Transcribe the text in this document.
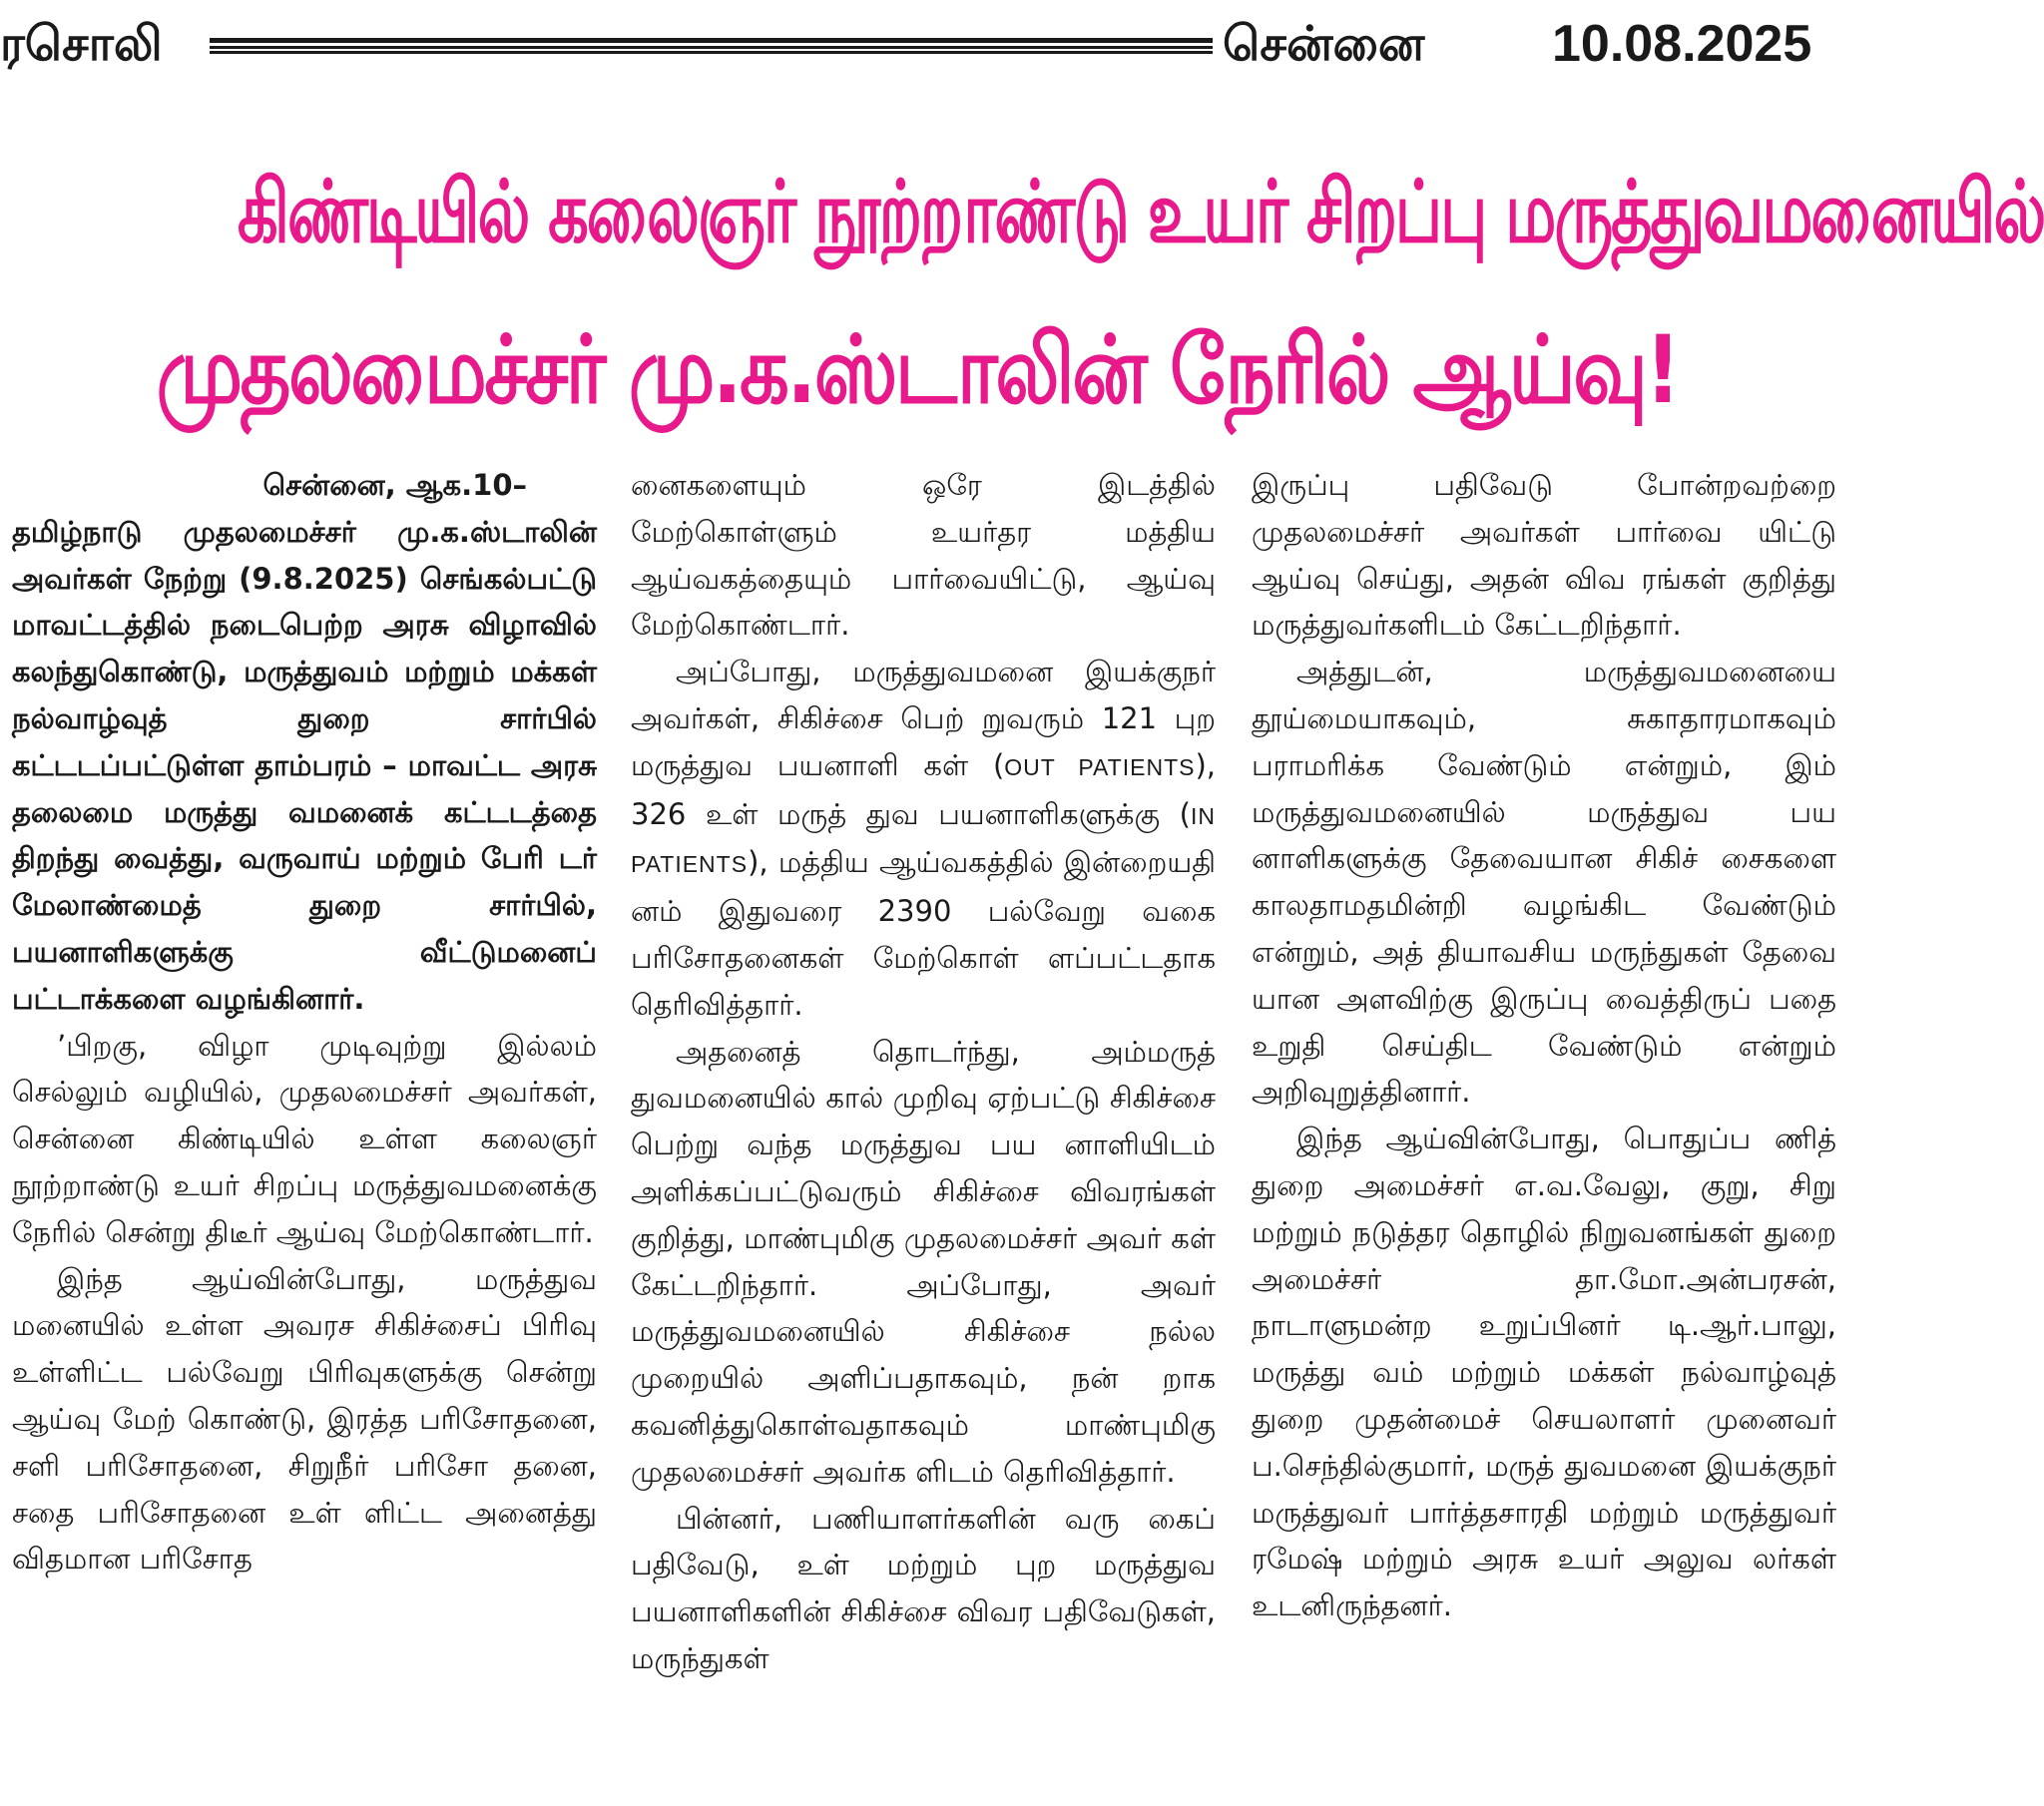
ரசொலி	சென்னை 10.08.2025
கிண்டியில் கலைஞர் நூற்றாண்டு உயர் சிறப்பு மருத்துவமனையில்
முதலமைச்சர் மு.க.ஸ்டாலின் நேரில் ஆய்வு!

சென்னை, ஆக.10–
தமிழ்நாடு முதலமைச்சர் மு.க.ஸ்டாலின் அவர்கள் நேற்று (9.8.2025) செங்கல்பட்டு மாவட்டத்தில் நடைபெற்ற அரசு விழாவில் கலந்துகொண்டு, மருத்துவம் மற்றும் மக்கள் நல்வாழ்வுத் துறை சார்பில் கட்டடப்பட்டுள்ள தாம்பரம் – மாவட்ட அரசு தலைமை மருத்து வமனைக் கட்டடத்தை திறந்து வைத்து, வருவாய் மற்றும் பேரி டர் மேலாண்மைத் துறை சார்பில், பயனாளிகளுக்கு வீட்டுமனைப் பட்டாக்களை வழங்கினார்.

’பிறகு, விழா முடிவுற்று இல்லம் செல்லும் வழியில், முதலமைச்சர் அவர்கள், சென்னை கிண்டியில் உள்ள கலைஞர் நூற்றாண்டு உயர் சிறப்பு மருத்துவமனைக்கு நேரில் சென்று திடீர் ஆய்வு மேற்கொண்டார்.

இந்த ஆய்வின்போது, மருத்துவ மனையில் உள்ள அவரச சிகிச்சைப் பிரிவு உள்ளிட்ட பல்வேறு பிரிவுகளுக்கு சென்று ஆய்வு மேற் கொண்டு, இரத்த பரிசோதனை, சளி பரிசோதனை, சிறுநீர் பரிசோ தனை, சதை பரிசோதனை உள் ளிட்ட அனைத்து விதமான பரிசோத

னைகளையும் ஒரே இடத்தில் மேற்கொள்ளும் உயர்தர மத்திய ஆய்வகத்தையும் பார்வையிட்டு, ஆய்வு மேற்கொண்டார்.

அப்போது, மருத்துவமனை இயக்குநர் அவர்கள், சிகிச்சை பெற் றுவரும் 121 புற மருத்துவ பயனாளி கள் (OUT PATIENTS), 326 உள் மருத் துவ பயனாளிகளுக்கு (IN PATIENTS), மத்திய ஆய்வகத்தில் இன்றையதி னம் இதுவரை 2390 பல்வேறு வகை பரிசோதனைகள் மேற்கொள் ளப்பட்டதாக தெரிவித்தார்.

அதனைத் தொடர்ந்து, அம்மருத் துவமனையில் கால் முறிவு ஏற்பட்டு சிகிச்சை பெற்று வந்த மருத்துவ பய னாளியிடம் அளிக்கப்பட்டுவரும் சிகிச்சை விவரங்கள் குறித்து, மாண்புமிகு முதலமைச்சர் அவர் கள் கேட்டறிந்தார். அப்போது, அவர் மருத்துவமனையில் சிகிச்சை நல்ல முறையில் அளிப்பதாகவும், நன் றாக கவனித்துகொள்வதாகவும் மாண்புமிகு முதலமைச்சர் அவர்க ளிடம் தெரிவித்தார்.

பின்னர், பணியாளர்களின் வரு கைப் பதிவேடு, உள் மற்றும் புற மருத்துவ பயனாளிகளின் சிகிச்சை விவர பதிவேடுகள், மருந்துகள்

இருப்பு பதிவேடு போன்றவற்றை முதலமைச்சர் அவர்கள் பார்வை யிட்டு ஆய்வு செய்து, அதன் விவ ரங்கள் குறித்து மருத்துவர்களிடம் கேட்டறிந்தார்.

அத்துடன், மருத்துவமனையை தூய்மையாகவும், சுகாதாரமாகவும் பராமரிக்க வேண்டும் என்றும், இம் மருத்துவமனையில் மருத்துவ பய னாளிகளுக்கு தேவையான சிகிச் சைகளை காலதாமதமின்றி வழங்கிட வேண்டும் என்றும், அத் தியாவசிய மருந்துகள் தேவை யான அளவிற்கு இருப்பு வைத்திருப் பதை உறுதி செய்திட வேண்டும் என்றும் அறிவுறுத்தினார்.

இந்த ஆய்வின்போது, பொதுப்ப ணித் துறை அமைச்சர் எ.வ.வேலு, குறு, சிறு மற்றும் நடுத்தர தொழில் நிறுவனங்கள் துறை அமைச்சர் தா.மோ.அன்பரசன், நாடாளுமன்ற உறுப்பினர் டி.ஆர்.பாலு, மருத்து வம் மற்றும் மக்கள் நல்வாழ்வுத் துறை முதன்மைச் செயலாளர் முனைவர் ப.செந்தில்குமார், மருத் துவமனை இயக்குநர் மருத்துவர் பார்த்தசாரதி மற்றும் மருத்துவர் ரமேஷ் மற்றும் அரசு உயர் அலுவ லர்கள் உடனிருந்தனர்.
